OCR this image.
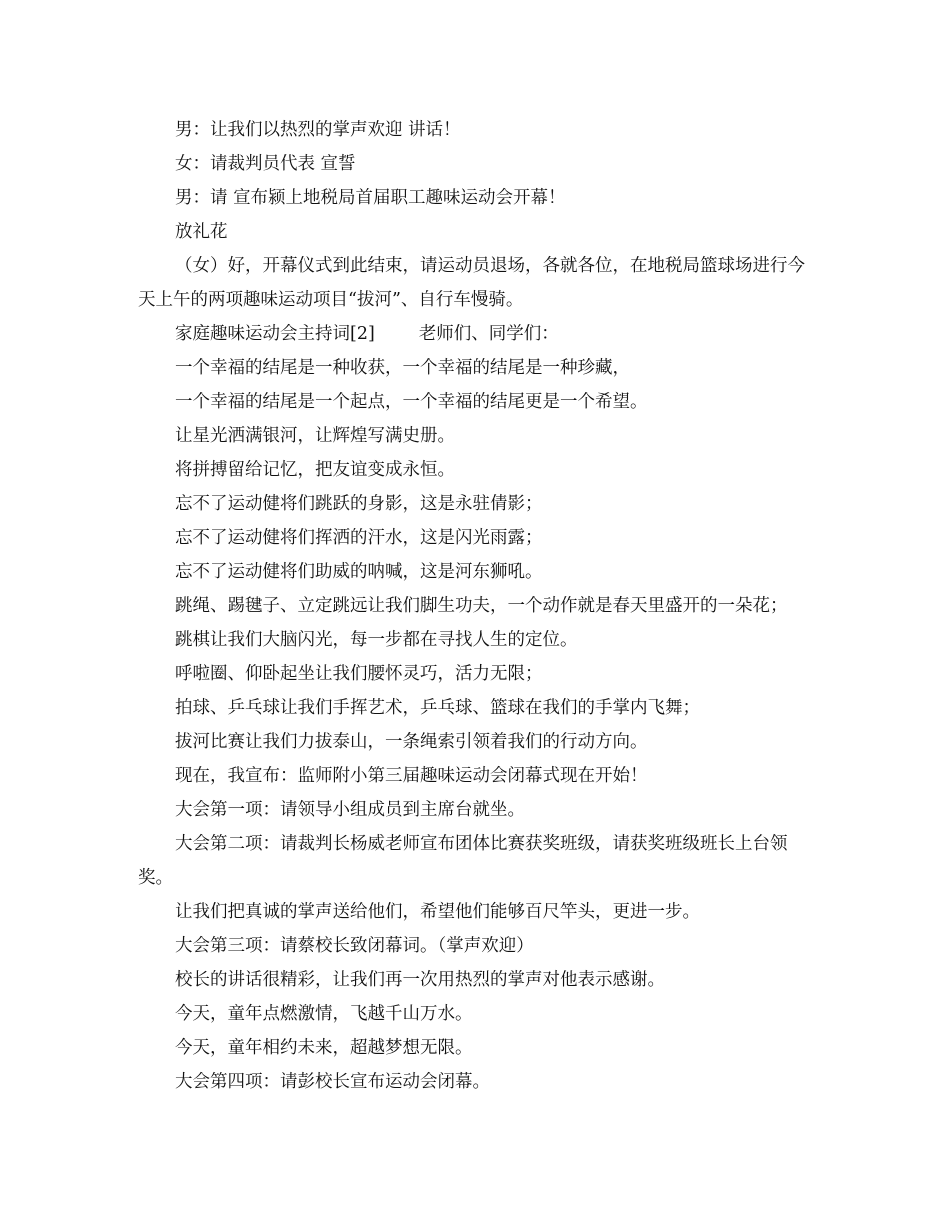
男：让我们以热烈的掌声欢迎 讲话！

女：请裁判员代表 宣誓

男：请 宣布颍上地税局首届职工趣味运动会开幕！

放礼花

（女）好，开幕仪式到此结束，请运动员退场，各就各位，在地税局篮球场进行今天上午的两项趣味运动项目“拔河”、自行车慢骑。

家庭趣味运动会主持词[2]	老师们、同学们：

一个幸福的结尾是一种收获，一个幸福的结尾是一种珍藏，

一个幸福的结尾是一个起点，一个幸福的结尾更是一个希望。

让星光洒满银河，让辉煌写满史册。

将拼搏留给记忆，把友谊变成永恒。

忘不了运动健将们跳跃的身影，这是永驻倩影；

忘不了运动健将们挥洒的汗水，这是闪光雨露；

忘不了运动健将们助威的呐喊，这是河东狮吼。

跳绳、踢毽子、立定跳远让我们脚生功夫，一个动作就是春天里盛开的一朵花；

跳棋让我们大脑闪光，每一步都在寻找人生的定位。

呼啦圈、仰卧起坐让我们腰怀灵巧，活力无限；

拍球、乒乓球让我们手挥艺术，乒乓球、篮球在我们的手掌内飞舞；

拔河比赛让我们力拔泰山，一条绳索引领着我们的行动方向。

现在，我宣布：监师附小第三届趣味运动会闭幕式现在开始！

大会第一项：请领导小组成员到主席台就坐。

大会第二项：请裁判长杨威老师宣布团体比赛获奖班级，请获奖班级班长上台领奖。

让我们把真诚的掌声送给他们，希望他们能够百尺竿头，更进一步。

大会第三项：请蔡校长致闭幕词。（掌声欢迎）

校长的讲话很精彩，让我们再一次用热烈的掌声对他表示感谢。

今天，童年点燃激情，飞越千山万水。

今天，童年相约未来，超越梦想无限。

大会第四项：请彭校长宣布运动会闭幕。
